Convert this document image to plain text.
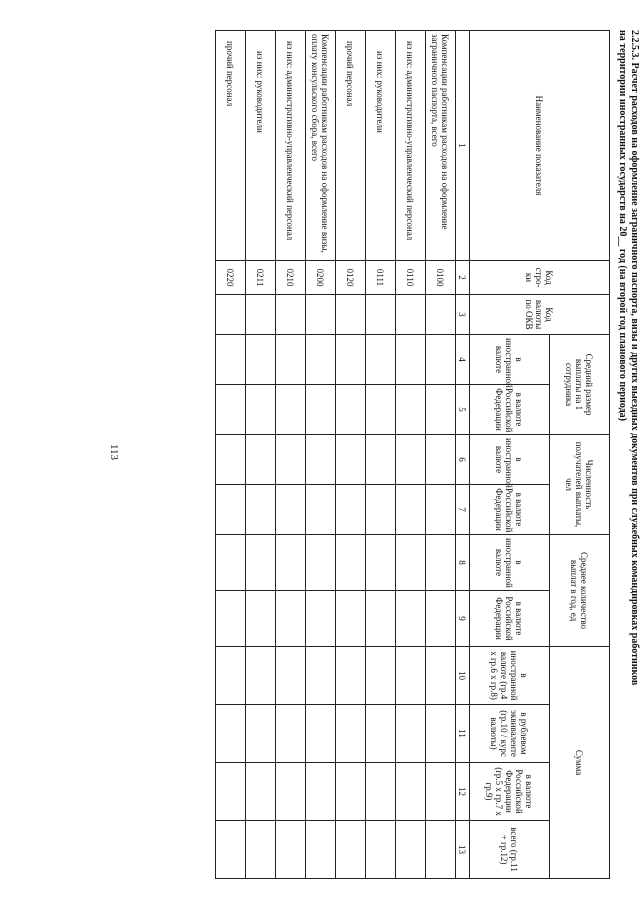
113	2.2.5.3. Расчет расходов на оформление заграничного паспорта, визы и других выездных документов при служебных командировках работников
на территории иностранных государств на 20__ год (на второй год планового периода)
Наименование показателя	Код стро-ки	Код валюты по ОКВ	Средний размер выплаты на 1 сотрудника		Численность получателей выплаты, чел		Среднее количество выплат в год, ед		Сумма			
			в иностранной валюте	в валюте Российской Федерации	в иностранной валюте	в валюте Российской Федерации	в иностранной валюте	в валюте Российской Федерации	в иностранной валюте (гр.4 х гр.6 х гр.8)	в рублевом эквиваленте (гр.10 / курс валюты)	в валюте Российской Федерации (гр.5 х гр.7 х гр.9)	всего (гр.11 + гр.12)
1	2	3	4	5	6	7	8	9	10	11	12	13
Компенсации работникам расходов на оформление заграничного паспорта, всего	0100											
из них: административно-управленческий персонал	0110											
из них: руководители	0111											
прочий персонал	0120											
Компенсации работникам расходов на оформление визы, оплату консульского сбора, всего	0200											
из них: административно-управленческий персонал	0210											
из них: руководители	0211											
прочий персонал	0220											
